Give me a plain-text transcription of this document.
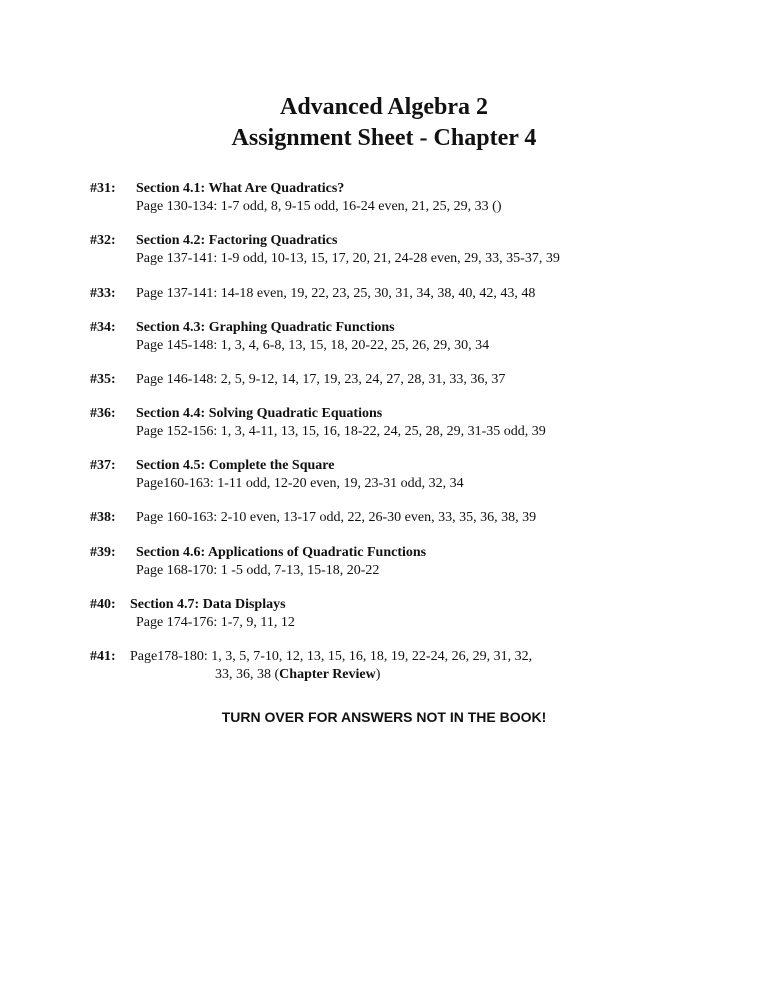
Advanced Algebra 2
Assignment Sheet - Chapter 4
#31: Section 4.1: What Are Quadratics?
Page 130-134: 1-7 odd, 8, 9-15 odd, 16-24 even, 21, 25, 29, 33 ()
#32: Section 4.2: Factoring Quadratics
Page 137-141: 1-9 odd, 10-13, 15, 17, 20, 21, 24-28 even, 29, 33, 35-37, 39
#33: Page 137-141: 14-18 even, 19, 22, 23, 25, 30, 31, 34, 38, 40, 42, 43, 48
#34: Section 4.3: Graphing Quadratic Functions
Page 145-148: 1, 3, 4, 6-8, 13, 15, 18, 20-22, 25, 26, 29, 30, 34
#35: Page 146-148: 2, 5, 9-12, 14, 17, 19, 23, 24, 27, 28, 31, 33, 36, 37
#36: Section 4.4: Solving Quadratic Equations
Page 152-156: 1, 3, 4-11, 13, 15, 16, 18-22, 24, 25, 28, 29, 31-35 odd, 39
#37: Section 4.5: Complete the Square
Page160-163: 1-11 odd, 12-20 even, 19, 23-31 odd, 32, 34
#38: Page 160-163: 2-10 even, 13-17 odd, 22, 26-30 even, 33, 35, 36, 38, 39
#39: Section 4.6: Applications of Quadratic Functions
Page 168-170: 1 -5 odd, 7-13, 15-18, 20-22
#40: Section 4.7: Data Displays
Page 174-176: 1-7, 9, 11, 12
#41: Page178-180: 1, 3, 5, 7-10, 12, 13, 15, 16, 18, 19, 22-24, 26, 29, 31, 32,
33, 36, 38 (Chapter Review)
TURN OVER FOR ANSWERS NOT IN THE BOOK!
